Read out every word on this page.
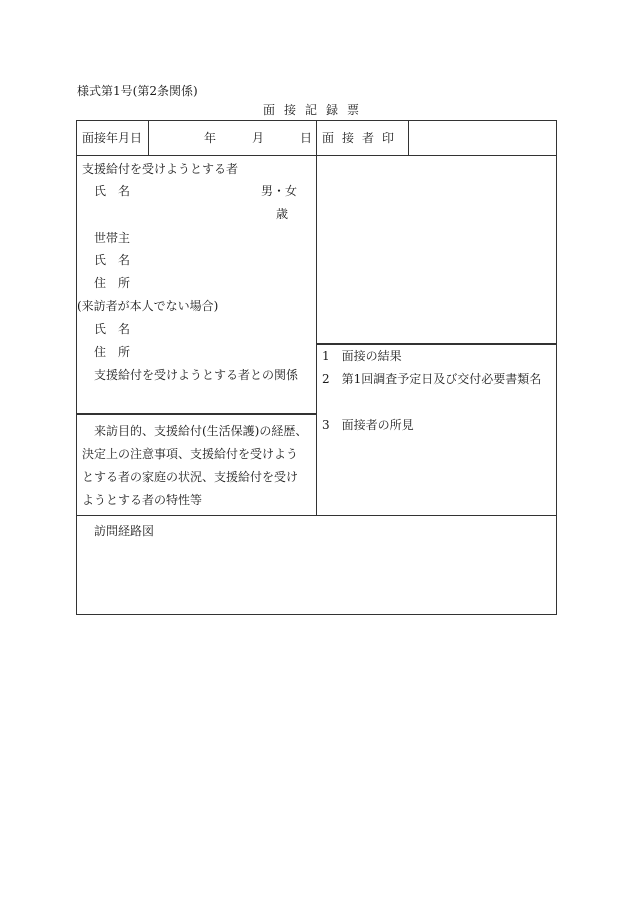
様式第1号(第2条関係)
面接記録票
面接年月日	年	月	日 面接者印
支援給付を受けようとする者
氏名	男・女
歳
世帯主
氏名
住所
(来訪者が本人でない場合)
氏名
住所
支援給付を受けようとする者との関係
来訪目的、支援給付(生活保護)の経歴、
決定上の注意事項、支援給付を受けよう
とする者の家庭の状況、支援給付を受け
ようとする者の特性等
1　面接の結果
2　第1回調査予定日及び交付必要書類名
3　面接者の所見
訪問経路図
